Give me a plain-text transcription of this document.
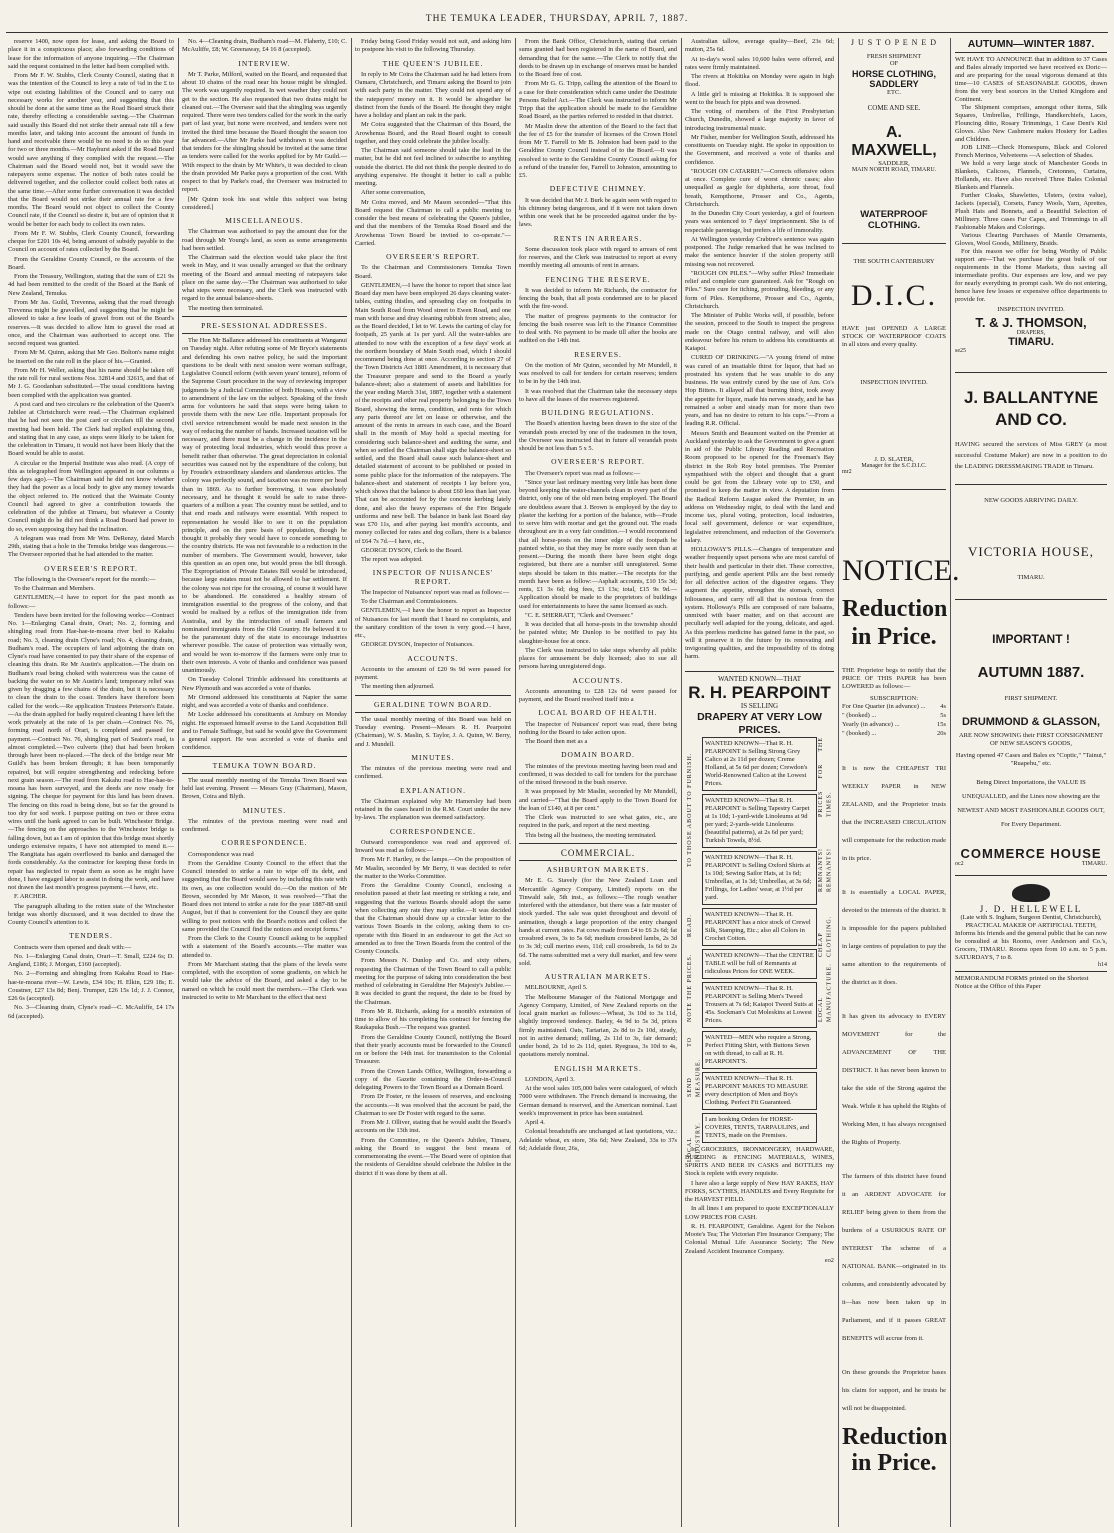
THE TEMUKA LEADER, THURSDAY, APRIL 7, 1887.

reserve 1400, now open for lease, and asking the Board to place it in a conspicuous place; also forwarding conditions of lease for the information of anyone inquiring.—The Chairman said the request contained in the letter had been complied with.

From Mr F. W. Stubbs, Clerk County Council, stating that it was the intention of the Council to levy a rate of ¼d in the £ to wipe out existing liabilities of the Council and to carry out necessary works for another year, and suggesting that this should be done at the same time as the Road Board struck their rate, thereby effecting a considerable saving.—The Chairman said usually this Board did not strike their annual rate till a few months later, and taking into account the amount of funds in hand and receivable there would be no need to do so this year for two or three months.—Mr Hayhurst asked if the Road Board would save anything if they complied with the request.—The Chairman said the Board would not, but it would save the ratepayers some expense. The notice of both rates could be delivered together, and the collector could collect both rates at the same time.—After some further conversation it was decided that the Board would not strike their annual rate for a few months. The Board would not object to collect the County Council rate, if the Council so desire it, but are of opinion that it would be better for each body to collect its own rates.

From Mr F. W. Stubbs, Clerk County Council, forwarding cheque for £201 10s 4d, being amount of subsidy payable to the Council on account of rates collected by the Board.

From the Geraldine County Council, re the accounts of the Board.

From the Treasury, Wellington, stating that the sum of £21 9s 4d had been remitted to the credit of the Board at the Bank of New Zealand, Temuka.

From Mr Jas. Guild, Trevenna, asking that the road through Trevenna might be gravelled, and suggesting that he might be allowed to take a few loads of gravel from out of the Board's reserves.—It was decided to allow him to gravel the road at once, and the Chairman was authorised to accept one. The second request was granted.

From Mr M. Quinn, asking that Mr Geo. Bolton's name might be inserted on the rate roll in the place of his.—Granted.

From Mr H. Weller, asking that his name should be taken off the rate roll for rural sections Nos. 32814 and 32615, and that of Mr J. G. Goodanhan substituted.—The usual conditions having been complied with the application was granted.

A post card and two circulars re the celebration of the Queen's Jubilee at Christchurch were read.—The Chairman explained that he had not seen the post card or circulars till the second meeting had been held. The Clerk had replied explaining this, and stating that in any case, as steps were likely to be taken for the celebration in Timaru, it would not have been likely that the Board would be able to assist.

A circular re the Imperial Institute was also read. (A copy of this as telegraphed from Wellington appeared in our columns a few days ago).—The Chairman said he did not know whether they had the power as a local body to give any money towards the object referred to. He noticed that the Waimate County Council had agreed to give a contribution towards the celebration of the jubilee at Timaru, but whatever a County Council might do he did not think a Road Board had power to do so, even supposing they had the inclination.

A telegram was read from Mr Wm. DeRenzy, dated March 29th, stating that a hole in the Temuka bridge was dangerous.—The Overseer reported that he had attended to the matter.

OVERSEER'S REPORT.

The following is the Overseer's report for the month:—

To the Chairman and Members.

GENTLEMEN,—I have to report for the past month as follows:—

Tenders have been invited for the following works:—Contract No. 1—Enlarging Canal drain, Orari; No. 2, forming and shingling road from Hae-hae-te-moana river bed to Kakahu road; No. 3, cleaning drain Clyne's road; No. 4, cleaning drain, Budham's road. The occupiers of land adjoining the drain on Clyne's road have consented to pay their share of the expense of cleaning this drain. Re Mr Austin's application.—The drain on Budham's road being choked with watercress was the cause of backing the water on to Mr Austin's land; temporary relief was given by dragging a few chains of the drain, but it is necessary to clean the drain to the coast. Tenders have therefore been called for the work.—Re application Trustees Peterson's Estate.—As the drain applied for badly required cleaning I have left the work privately at the rate of 1s per chain.—Contract No. 76, forming road north of Orari, is completed and passed for payment.—Contract No. 76, shingling part of Seaton's road, is almost completed.—Two culverts (the) that had been broken through have been re-placed.—The deck of the bridge near Mr Guild's has been broken through; it has been temporarily repaired, but will require strengthening and redecking before next grain season.—The road from Kakahu road to Hae-hae-te-moana has been surveyed, and the deeds are now ready for signing. The cheque for payment for this land has been drawn. The fencing on this road is being done, but so far the ground is too dry for sod work. I purpose putting on two or three extra wires until the bank agreed to can be built. Winchester Bridge.—The fencing on the approaches to the Winchester bridge is falling down, but as I am of opinion that this bridge must shortly undergo extensive repairs, I have not attempted to mend it.—The Rangitata has again overflowed its banks and damaged the fords considerably. As the contractor for keeping these fords in repair has neglected to repair them as soon as he might have done, I have engaged labor to assist in doing the work, and have not drawn the last month's progress payment.—I have, etc.

F. ARCHER.

The paragraph alluding to the rotten state of the Winchester bridge was shortly discussed, and it was decided to draw the County Council's attention to it.

TENDERS.

Contracts were then opened and dealt with:—

No. 1—Enlarging Canal drain, Orari—T. Small, £224 6s; D. Angland, £186; J. Morgan, £160 (accepted).

No. 2—Forming and shingling from Kakahu Road to Hae-hae-te-moana river—W. Lewis, £34 10s; H. Elkin, £29 18s; E. Coustner, £27 13s 8d; Benj. Trumper, £26 15s 1d; J. J. Connor, £26 6s (accepted).

No. 3—Cleaning drain, Clyne's road—C. McAuliffe, £4 17s 6d (accepted).

No. 4—Cleaning drain, Budham's road—M. Flaherty, £10; C. McAuliffe, £8; W. Greenaway, £4 16 8 (accepted).

INTERVIEW.

Mr T. Parke, Milford, waited on the Board, and requested that about 10 chains of the road near his house might be shingled. The work was urgently required. In wet weather they could not get to the section. He also requested that two drains might be cleaned out.—The Overseer said that the shingling was urgently required. There were two tenders called for the work in the early part of last year, but none were received, and tenders were not invited the third time because the Board thought the season too far advanced.—After Mr Parke had withdrawn it was decided that tenders for the shingling should be invited at the same time as tenders were called for the works applied for by Mr Guild.—With respect to the drain by Mr White's, it was decided to clean the drain provided Mr Parke pays a proportion of the cost. With respect to that by Parke's road, the Overseer was instructed to report.

[Mr Quinn took his seat while this subject was being considered.]

MISCELLANEOUS.

The Chairman was authorised to pay the amount due for the road through Mr Young's land, as soon as some arrangements had been settled.

The Chairman said the election would take place the first week in May, and it was usually arranged so that the ordinary meeting of the Board and annual meeting of ratepayers take place on the same day.—The Chairman was authorised to take what steps were necessary, and the Clerk was instructed with regard to the annual balance-sheets.

The meeting then terminated.

PRE-SESSIONAL ADDRESSES.

The Hon Mr Ballance addressed his constituents at Wanganui on Tuesday night. After refuting some of Mr Bryce's statements and defending his own native policy, he said the important questions to be dealt with next session were woman suffrage, Legislative Council reform (with seven years' tenure), reform of the Supreme Court procedure in the way of reviewing improper judgments by a Judicial Committee of both Houses, with a view to amendment of the law on the subject. Speaking of the fresh arms for volunteers he said that steps were being taken to provide them with the new Lee rifle. Important proposals for civil service retrenchment would be made next session in the way of reducing the number of hands. Increased taxation will be necessary, and there must be a change in the incidence in the way of protecting local industries, which would thus prove a benefit rather than otherwise. The great depreciation in colonial securities was caused not by the expenditure of the colony, but by Froude's extraordinary slanders and slanderous articles. The colony was perfectly sound, and taxation was no more per head than in 1869. As to further borrowing, it was absolutely necessary, and he thought it would be safe to raise three-quarters of a million a year. The country must be settled, and to that end roads and railways were essential. With respect to representation he would like to see it on the population principle, and on the pure basis of population, though he thought it probably they would have to concede something to the country districts. He was not favourable to a reduction in the number of members. The Government would, however, take this question as an open one, but would press the bill through. The Expropriation of Private Estates Bill would be introduced, because large estates must not be allowed to bar settlement. If the colony was not ripe for the crossing, of course it would have to be abandoned. He considered a healthy stream of immigration essential to the progress of the colony, and that would be realised by a reflux of the immigration tide from Australia, and by the introduction of small farmers and nominated immigrants from the Old Country. He believed it to be the paramount duty of the state to encourage industries wherever possible. The cause of protection was virtually won, and would be won to-morrow if the farmers were only true to their own interests. A vote of thanks and confidence was passed unanimously.

On Tuesday Colonel Trimble addressed his constituents at New Plymouth and was accorded a vote of thanks.

Mr Ormond addressed his constituents at Napier the same night, and was accorded a vote of thanks and confidence.

Mr Locke addressed his constituents at Ambury on Monday night. He expressed himself averse to the Land Acquisition Bill and to Female Suffrage, but said he would give the Government a general support. He was accorded a vote of thanks and confidence.

TEMUKA TOWN BOARD.

The usual monthly meeting of the Temuka Town Board was held last evening. Present — Messrs Gray (Chairman), Mason, Brown, Coira and Blyth.

MINUTES.

The minutes of the previous meeting were read and confirmed.

CORRESPONDENCE.

Correspondence was read

From the Geraldine County Council to the effect that the Council intended to strike a rate to wipe off its debt, and suggesting that the Board would save by including this rate with its own, as one collection would do.—On the motion of Mr Brown, seconded by Mr Mason, it was resolved—"That the Board does not intend to strike a rate for the year 1887-88 until August, but if that is convenient for the Council they are quite willing to post notices with the Board's notices and collect the same provided the Council find the notices and receipt forms."

From the Clerk to the County Council asking to be supplied with a statement of the Board's accounts.—The matter was attended to.

From Mr Marchant stating that the plans of the levels were completed, with the exception of some gradients, on which he would take the advice of the Board, and asked a day to be named on which he could meet the members.—The Clerk was instructed to write to Mr Marchant to the effect that next

Friday being Good Friday would not suit, and asking him to postpone his visit to the following Thursday.

THE QUEEN'S JUBILEE.

In reply to Mr Coira the Chairman said he had letters from Oamaru, Christchurch, and Timaru asking the Board to join with each party in the matter. They could not spend any of the ratepayers' money on it. It would be altogether be distinct from the funds of the Board. He thought they might have a holiday and plant an oak in the park.

Mr Coira suggested that the Chairman of this Board, the Arowhenua Board, and the Road Board ought to consult together, and they could celebrate the jubilee locally.

The Chairman said someone should take the lead in the matter, but he did not feel inclined to subscribe to anything outside the district. He did not think the people desired to do anything expensive. He thought it better to call a public meeting.

After some conversation,

Mr Coira moved, and Mr Mason seconded—"That this Board request the Chairman to call a public meeting to consider the best means of celebrating the Queen's jubilee, and that the members of the Temuka Road Board and the Arowhenua Town Board be invited to co-operate."—Carried.

OVERSEER'S REPORT.

To the Chairman and Commissioners Temuka Town Board.

GENTLEMEN,—I have the honor to report that since last Board day men have been employed 26 days cleaning water-tables, cutting thistles, and spreading clay on footpaths in Main South Road from Wood street to Ewen Road, and one man with horse and dray cleaning rubbish from streets; also, as the Board decided, I let to W. Lewis the carting of clay for footpath, 25 yards at 1s per yard. All the water-tables are attended to now with the exception of a few days' work at the northern boundary of Main South road, which I should recommend being done at once. According to section 27 of the Town Districts Act 1881 Amendment, it is necessary that the Treasurer prepare and send to the Board a yearly balance-sheet; also a statement of assets and liabilities for the year ending March 31st, 1887, together with a statement of the receipts and other real property belonging to the Town Board, showing the terms, condition, and rents for which any parts thereof are let on lease or otherwise, and the amount of the rents in arrears in each case, and the Board shall in the month of May hold a special meeting for considering such balance-sheet and auditing the same, and when so settled the Chairman shall sign the balance-sheet so settled, and the Board shall cause such balance-sheet and detailed statement of account to be published or posted in some public place for the information of the ratepayers. The balance-sheet and statement of receipts I lay before you, which shows that the balance is about £60 less than last year. That can be accounted for by the concrete kerbing lately done, and also the heavy expenses of the Fire Brigade uniforms and new bell. The balance in bank last Board day was £70 11s, and after paying last month's accounts, and money collected for rates and dog collars, there is a balance of £64 7s 7d.—I have, etc.,

GEORGE DYSON, Clerk to the Board.

The report was adopted.

INSPECTOR OF NUISANCES' REPORT.

The Inspector of Nuisances' report was read as follows:—

To the Chairman and Commissioners.

GENTLEMEN,—I have the honor to report as Inspector of Nuisances for last month that I heard no complaints, and the sanitary condition of the town is very good.—I have, etc.,

GEORGE DYSON, Inspector of Nuisances.

ACCOUNTS.

Accounts to the amount of £20 9s 9d were passed for payment.

The meeting then adjourned.

GERALDINE TOWN BOARD.

The usual monthly meeting of this Board was held on Tuesday evening. Present—Messrs R. H. Pearpoint (Chairman), W. S. Maslin, S. Taylor, J. A. Quinn, W. Berry, and J. Mundell.

MINUTES.

The minutes of the previous meeting were read and confirmed.

EXPLANATION.

The Chairman explained why Mr Hamersley had been retained in the cases heard in the R.M. Court under the new by-laws. The explanation was deemed satisfactory.

CORRESPONDENCE.

Outward correspondence was read and approved of. Inward was read as follows:—

From Mr F. Hartley, re the lamps.—On the proposition of Mr Maslin, seconded by Mr Berry, it was decided to refer the matter to the Works Committee.

From the Geraldine County Council, enclosing a resolution passed at their last meeting re striking a rate, and suggesting that the various Boards should adopt the same when collecting any rate they may strike.—It was decided that the Chairman should draw up a circular letter to the various Town Boards in the colony, asking them to co-operate with this Board in an endeavour to get the Act so amended as to free the Town Boards from the control of the County Councils.

From Messrs N. Dunlop and Co. and sixty others, requesting the Chairman of the Town Board to call a public meeting for the purpose of taking into consideration the best method of celebrating in Geraldine Her Majesty's Jubilee.—It was decided to grant the request, the date to be fixed by the Chairman.

From Mr R. Richards, asking for a month's extension of time to allow of his completing his contract for fencing the Raukapuka Bush.—The request was granted.

From the Geraldine County Council, notifying the Board that their yearly accounts must be forwarded to the Council on or before the 14th inst. for transmission to the Colonial Treasurer.

From the Crown Lands Office, Wellington, forwarding a copy of the Gazette containing the Order-in-Council delegating Powers to the Town Board as a Domain Board.

From Dr Foster, re the lessees of reserves, and enclosing the accounts.—It was resolved that the account be paid, the Chairman to see Dr Foster with regard to the same.

From Mr J. Olliver, stating that he would audit the Board's accounts on the 13th inst.

From the Committee, re the Queen's Jubilee, Timaru, asking the Board to suggest the best means of commemorating the event.—The Board were of opinion that the residents of Geraldine should celebrate the Jubilee in the district if it was done by them at all.

From the Bank Office, Christchurch, stating that certain sums granted had been registered in the name of Board, and demanding that for the same.—The Clerk to notify that the deeds to be drawn up in exchange of reserves must be handed to the Board free of cost.

From Mr G. G. Tripp, calling the attention of the Board to a case for their consideration which came under the Destitute Persons Relief Act.—The Clerk was instructed to inform Mr Tripp that the application should be made to the Geraldine Road Board, as the parties referred to resided in that district.

Mr Maslin drew the attention of the Board to the fact that the fee of £5 for the transfer of licenses of the Crown Hotel from Mr T. Farrell to Mr B. Johnston had been paid to the Geraldine County Council instead of to the Board.—It was resolved to write to the Geraldine County Council asking for a refund of the transfer fee, Farrell to Johnston, amounting to £5.

DEFECTIVE CHIMNEY.

It was decided that Mr J. Burk be again seen with regard to his chimney being dangerous, and if it were not taken down within one week that he be proceeded against under the by-laws.

RENTS IN ARREARS.

Some discussion took place with regard to arrears of rent for reserves, and the Clerk was instructed to report at every monthly meeting all amounts of rent in arrears.

FENCING THE RESERVE.

It was decided to inform Mr Richards, the contractor for fencing the bush, that all posts condemned are to be placed with the fire-wood.

The matter of progress payments to the contractor for fencing the bush reserve was left to the Finance Committee to deal with. No payment to be made till after the books are audited on the 14th inst.

RESERVES.

On the motion of Mr Quinn, seconded by Mr Mundell, it was resolved to call for tenders for certain reserves; tenders to be in by the 14th inst.

It was resolved that the Chairman take the necessary steps to have all the leases of the reserves registered.

BUILDING REGULATIONS.

The Board's attention having been drawn to the size of the verandah posts erected by one of the tradesmen in the town, the Overseer was instructed that in future all verandah posts should be not less than 5 x 5.

OVERSEER'S REPORT.

The Overseer's report was read as follows:—

"Since your last ordinary meeting very little has been done beyond keeping the water-channels clean in every part of the district, only one of the old men being employed. The Board are doubtless aware that J. Brown is employed by the day to plaster the kerbing for a portion of the balance, with—Frude to serve him with mortar and get the ground out. The roads throughout are in a very fair condition.—I would recommend that all horse-posts on the inner edge of the footpath be painted white, so that they may be more easily seen than at present.—During the month there have been eight dogs registered, but there are a number still unregistered. Some steps should be taken in this matter.—The receipts for the month have been as follow:—Asphalt accounts, £10 15s 3d; rents, £1 3s 6d; dog fees, £3 13s; total, £15 9s 9d.—Application should be made to the proprietors of buildings used for entertainments to have the same licensed as such.

"C. E. SHERRATT, "Clerk and Overseer."

It was decided that all horse-posts in the township should be painted white; Mr Dunlop to be notified to pay his slaughter-house fee at once.

The Clerk was instructed to take steps whereby all public places for amusement be duly licensed; also to sue all persons having unregistered dogs.

ACCOUNTS.

Accounts amounting to £28 12s 6d were passed for payment, and the Board resolved itself into a

LOCAL BOARD OF HEALTH.

The Inspector of Nuisances' report was read, there being nothing for the Board to take action upon.

The Board then met as a

DOMAIN BOARD.

The minutes of the previous meeting having been read and confirmed, it was decided to call for tenders for the purchase of the mixed firewood in the bush reserve.

It was proposed by Mr Maslin, seconded by Mr Mundell, and carried—"That the Board apply to the Town Board for the loan of £140, at 8 per cent."

The Clerk was instructed to see what gates, etc., are required in the park, and report at the next meeting.

This being all the business, the meeting terminated.

COMMERCIAL.
ASHBURTON MARKETS.

Mr E. G. Stavely (for the New Zealand Loan and Mercantile Agency Company, Limited) reports on the Tinwald sale, 5th inst., as follows:—The rough weather interfered with the attendance, but there was a fair muster of stock yarded. The sale was quiet throughout and devoid of animation, though a large proportion of the entry changed hands at current rates. Fat cows made from £4 to £6 2s 6d; fat crossbred ewes, 3s to 5s 6d; medium crossbred lambs, 2s 3d to 3s 3d; cull merino ewes, 11d; cull crossbreds, 1s 6d to 2s 6d. The rams submitted met a very dull market, and few were sold.

AUSTRALIAN MARKETS.

MELBOURNE, April 5.

The Melbourne Manager of the National Mortgage and Agency Company, Limited, of New Zealand reports on the local grain market as follows:—Wheat, 3s 10d to 3s 11d, slightly improved tendency. Barley, 4s 9d to 5s 3d, prices firmly maintained. Oats, Tartarian, 2s 8d to 2s 10d, steady, not in active demand; milling, 2s 11d to 3s, fair demand; under bond, 2s 1d to 2s 11d, quiet. Ryegrass, 3s 10d to 4s, quotations merely nominal.

ENGLISH MARKETS.

LONDON, April 3.

At the wool sales 105,000 bales were catalogued, of which 7000 were withdrawn. The French demand is increasing, the German demand is reserved, and the American nominal. Last week's improvement in price has been sustained.

April 4.

Colonial breadstuffs are unchanged at last quotations, viz.: Adelaide wheat, ex store, 36s 6d; New Zealand, 33s to 37s 6d; Adelaide flour, 26s,

Australian tallow, average quality—Beef, 23s 6d; mutton, 25s 6d.

At to-day's wool sales 10,600 bales were offered, and rates were firmly maintained.

The rivers at Hokitika on Monday were again in high flood.

A little girl is missing at Hokitika. It is supposed she went to the beach for pipis and was drowned.

The voting of members of the First Presbyterian Church, Dunedin, showed a large majority in favor of introducing instrumental music.

Mr Fisher, member for Wellington South, addressed his constituents on Tuesday night. He spoke in opposition to the Government, and received a vote of thanks and confidence.

"ROUGH ON CATARRH."—Corrects offensive odors at once. Complete cure of worst chronic cases; also unequalled as gargle for diphtheria, sore throat, foul breath, Kempthorne, Prosser and Co., Agents, Christchurch.

In the Dunedin City Court yesterday, a girl of fourteen years was sentenced to 7 days' imprisonment. She is of respectable parentage, but prefers a life of immorality.

At Wellington yesterday Crabtree's sentence was again postponed. The Judge remarked that he was inclined to make the sentence heavier if the stolen property still missing was not recovered.

"ROUGH ON PILES."—Why suffer Piles? Immediate relief and complete cure guaranteed. Ask for "Rough on Piles." Sure cure for itching, protruding, bleeding, or any form of Piles. Kempthorne, Prosser and Co., Agents, Christchurch.

The Minister of Public Works will, if possible, before the session, proceed to the South to inspect the progress made on the Otago central railway, and will also endeavour before his return to address his constituents at Kaiapoi.

CURED OF DRINKING.—"A young friend of mine was cured of an insatiable thirst for liquor, that had so prostrated his system that he was unable to do any business. He was entirely cured by the use of Am. Co's Hop Bitters. It allayed all that burning thirst, took away the appetite for liquor, made his nerves steady, and he has remained a sober and steady man for more than two years, and has no desire to return to his cups."—From a leading R.R. Official.

Messrs Smith and Beaumont waited on the Premier at Auckland yesterday to ask the Government to give a grant in aid of the Public Library Reading and Recreation Room proposed to be opened for the Freeman's Bay district in the Rob Roy hotel premises. The Premier sympathised with the object and thought that a grant could be got from the Library vote up to £50, and promised to keep the matter in view. A deputation from the Radical Reform League asked the Premier, in an address on Wednesday night, to deal with the land and income tax, plural voting, protection, local industries, local self government, defence or war expenditure, legislative retrenchment, and reduction of the Governor's salary.

HOLLOWAY'S PILLS.—Changes of temperature and weather frequently upset persons who are most careful of their health and particular in their diet. These corrective, purifying, and gentle aperient Pills are the best remedy for all defective action of the digestive organs. They augment the appetite, strengthen the stomach, correct biliousness, and carry off all that is noxious from the system. Holloway's Pills are composed of rare balsams, unmixed with baser matter, and on that account are peculiarly well adapted for the young, delicate, and aged. As this peerless medicine has gained fame in the past, so will it preserve it in the future by its renovating and invigorating qualities, and the impossibility of its doing harm.

WANTED KNOWN—THAT
R. H. PEARPOINT
IS SELLING
DRAPERY AT VERY LOW PRICES.
TO THOSE ABOUT TO FURNISH.
READ.
NOTE THE PRICES.
PRICES FOR THE TIMES.
REMNANTS! REMNANTS!
CHEAP CLOTHING.
LOCAL MANUFACTURE.
SEND TO MEASURE.
LOCAL INDUSTRY.
WANTED KNOWN—That R. H. PEARPOINT is Selling Strong Grey Calico at 2s 11d per dozen; Creme Holland, at 5s 6d per dozen; Crewdon's World-Renowned Calico at the Lowest Prices.
WANTED KNOWN—That R. H. PEARPOINT is Selling Tapestry Carpet at 1s 10d; 1-yard-wide Linoleums at 9d per yard; 2-yards-wide Linoleums (beautiful patterns), at 2s 6d per yard; Turkish Towels, 8½d.
WANTED KNOWN—That R. H. PEARPOINT is Selling Oxford Shirts at 1s 10d; Sewing Sailor Hats, at 1s 6d; Umbrellas, at 1s 3d; Umbrellas, at 3s 6d; Frillings, for Ladies' wear, at 1½d per yard.
WANTED KNOWN—That R. H. PEARPOINT has a nice stock of Crewel Silk, Stamping, Etc.; also all Colors in Crochet Cotton.
WANTED KNOWN—That the CENTRE TABLE will be full of Remnants at ridiculous Prices for ONE WEEK.
WANTED KNOWN—That R. H. PEARPOINT is Selling Men's Tweed Trousers at 7s 6d; Kaiapoi Tweed Suits at 45s. Sockman's Cut Moleskins at Lowest Prices.
WANTED—MEN who require a Strong, Perfect Fitting Shirt, with Buttons Sewn on with thread, to call at R. H. PEARPOINT'S.
WANTED KNOWN—That R. H. PEARPOINT MAKES TO MEASURE every description of Men and Boy's Clothing. Perfect Fit Guaranteed.
I am booking Orders for HORSE-COVERS, TENTS, TARPAULINS, and TENTS, made on the Premises.

In GROCERIES, IRONMONGERY, HARDWARE, BUILDING & FENCING MATERIALS, WINES, SPIRITS AND BEER IN CASKS and BOTTLES my Stock is replete with every requisite.

I have also a large supply of New HAY RAKES, HAY FORKS, SCYTHES, HANDLES and Every Requisite for the HARVEST FIELD.

In all lines I am prepared to quote EXCEPTIONALLY LOW PRICES FOR CASH.

R. H. FEARPOINT, Geraldine. Agent for the Nelson Moote's Tea; The Victorian Fire Insurance Company; The Colonial Mutual Life Assurance Society; The New Zealand Accident Insurance Company.

eo2
J U S T O P E N E D
FRESH SHIPMENT
OF
HORSE CLOTHING, SADDLERY
ETC.
COME AND SEE.
A. MAXWELL,
SADDLER,
MAIN NORTH ROAD, TIMARU.
WATERPROOF CLOTHING.
THE SOUTH CANTERBURY
D.I.C.
HAVE just OPENED A LARGE STOCK OF WATERPROOF COATS in all sizes and every quality.
INSPECTION INVITED.
J. D. SLATER,
Manager for the S.C.D.I.C.
mr2
NOTICE.
Reduction in Price.
THE Proprietor begs to notify that the PRICE OF THIS PAPER has been LOWERED as follows:—
SUBSCRIPTION:
For One Quarter (in advance) ... 4s
" (booked) ...	5s
Yearly (in advance) ...	15s
" (booked) ...	20s
It is now the CHEAPEST TRI WEEKLY PAPER in NEW ZEALAND, and the Proprietor trusts that the INCREASED CIRCULATION will compensate for the reduction made in its price.
It is essentially a LOCAL PAPER, devoted to the interests of the district. It is impossible for the papers published in large centres of population to pay the same attention to the requirements of the district as it does.
It has given its advocacy to EVERY MOVEMENT for the ADVANCEMENT OF THE DISTRICT. It has never been known to take the side of the Strong against the Weak. While it has upheld the Rights of Working Men, it has always recognised the Rights of Property.
The farmers of this district have found it an ARDENT ADVOCATE for RELIEF being given to them from the burdens of a USURIOUS RATE OF INTEREST The scheme of a NATIONAL BANK—originated in its columns, and consistently advocated by it—has now been taken up in Parliament, and if it passes GREAT BENEFITS will accrue from it.
On these grounds the Proprietor bases his claim for support, and he trusts he will not be disappointed.
Reduction in Price.
AUTUMN—WINTER 1887.
WE HAVE TO ANNOUNCE that in addition to 37 Cases and Bales already imported we have received ex Doric—and are preparing for the usual vigorous demand at this time—10 CASES of SEASONABLE GOODS, drawn from the very best sources in the United Kingdom and Continent.
The Shipment comprises, amongst other items, Silk Squares, Umbrellas, Frillings, Handkerchiefs, Laces, Flouncing ditto, Rosary Trimmings, 1 Case Dent's Kid Gloves. Also New Cashmere makes Hosiery for Ladies and Children.
JOB LINE—Check Homespuns, Black and Colored French Merinos, Velveteens —A selection of Shades.
We hold a very large stock of Manchester Goods in Blankets, Calicoes, Flannels, Cretonnes, Curtains, Hollands, etc. Have also received Three Bales Colonial Blankets and Flannels.
Further Cloaks, Shawlettes, Ulsters, (extra value), Jackets (special), Corsets, Fancy Wools, Yarn, Aprettes, Plush Hats and Bonnets, and a Beautiful Selection of Millinery. Three cases Fur Capes, and Trimmings in all Fashionable Makes and Colorings.
Various Clearing Purchases of Mantle Ornaments, Gloves, Wool Goods, Millinery, Braids.
For this reason we offer for being Worthy of Public support are—That we purchase the great bulk of our requirements in the Home Markets, thus saving all intermediate profits. Our expenses are low, and we pay for nearly everything in prompt cash. We do not entering, hence have few losses or expensive office departments to provide for.
INSPECTION INVITED.
T. & J. THOMSON,
DRAPERS,
TIMARU.
se25
J. BALLANTYNE AND CO.
HAVING secured the services of Miss GREY (a most successful Costume Maker) are now in a position to do the LEADING DRESSMAKING TRADE in Timaru.
NEW GOODS ARRIVING DAILY.
VICTORIA HOUSE,
TIMARU.
IMPORTANT !
AUTUMN 1887.
FIRST SHIPMENT.
DRUMMOND & GLASSON,
ARE NOW SHOWING their FIRST CONSIGNMENT OF NEW SEASON'S GOODS,
Having opened 47 Cases and Bales ex "Coptic," "Tainui," "Ruapehu," etc.
Being Direct Importations, the VALUE IS UNEQUALLED, and the Lines now showing are the NEWEST AND MOST FASHIONABLE GOODS OUT, For Every Department.
COMMERCE HOUSE
oc2	TIMARU.
J. D. HELLEWELL
(Late with S. Ingham, Surgeon Dentist, Christchurch),
PRACTICAL MAKER OF ARTIFICIAL TEETH,
Informs his friends and the general public that he can now be consulted at his Rooms, over Anderson and Co.'s, Grocers, TIMARU. Rooms open from 10 a.m. to 5 p.m. SATURDAYS, 7 to 8.
h14
MEMORANDUM FORMS printed on the Shortest Notice at the Office of this Paper
